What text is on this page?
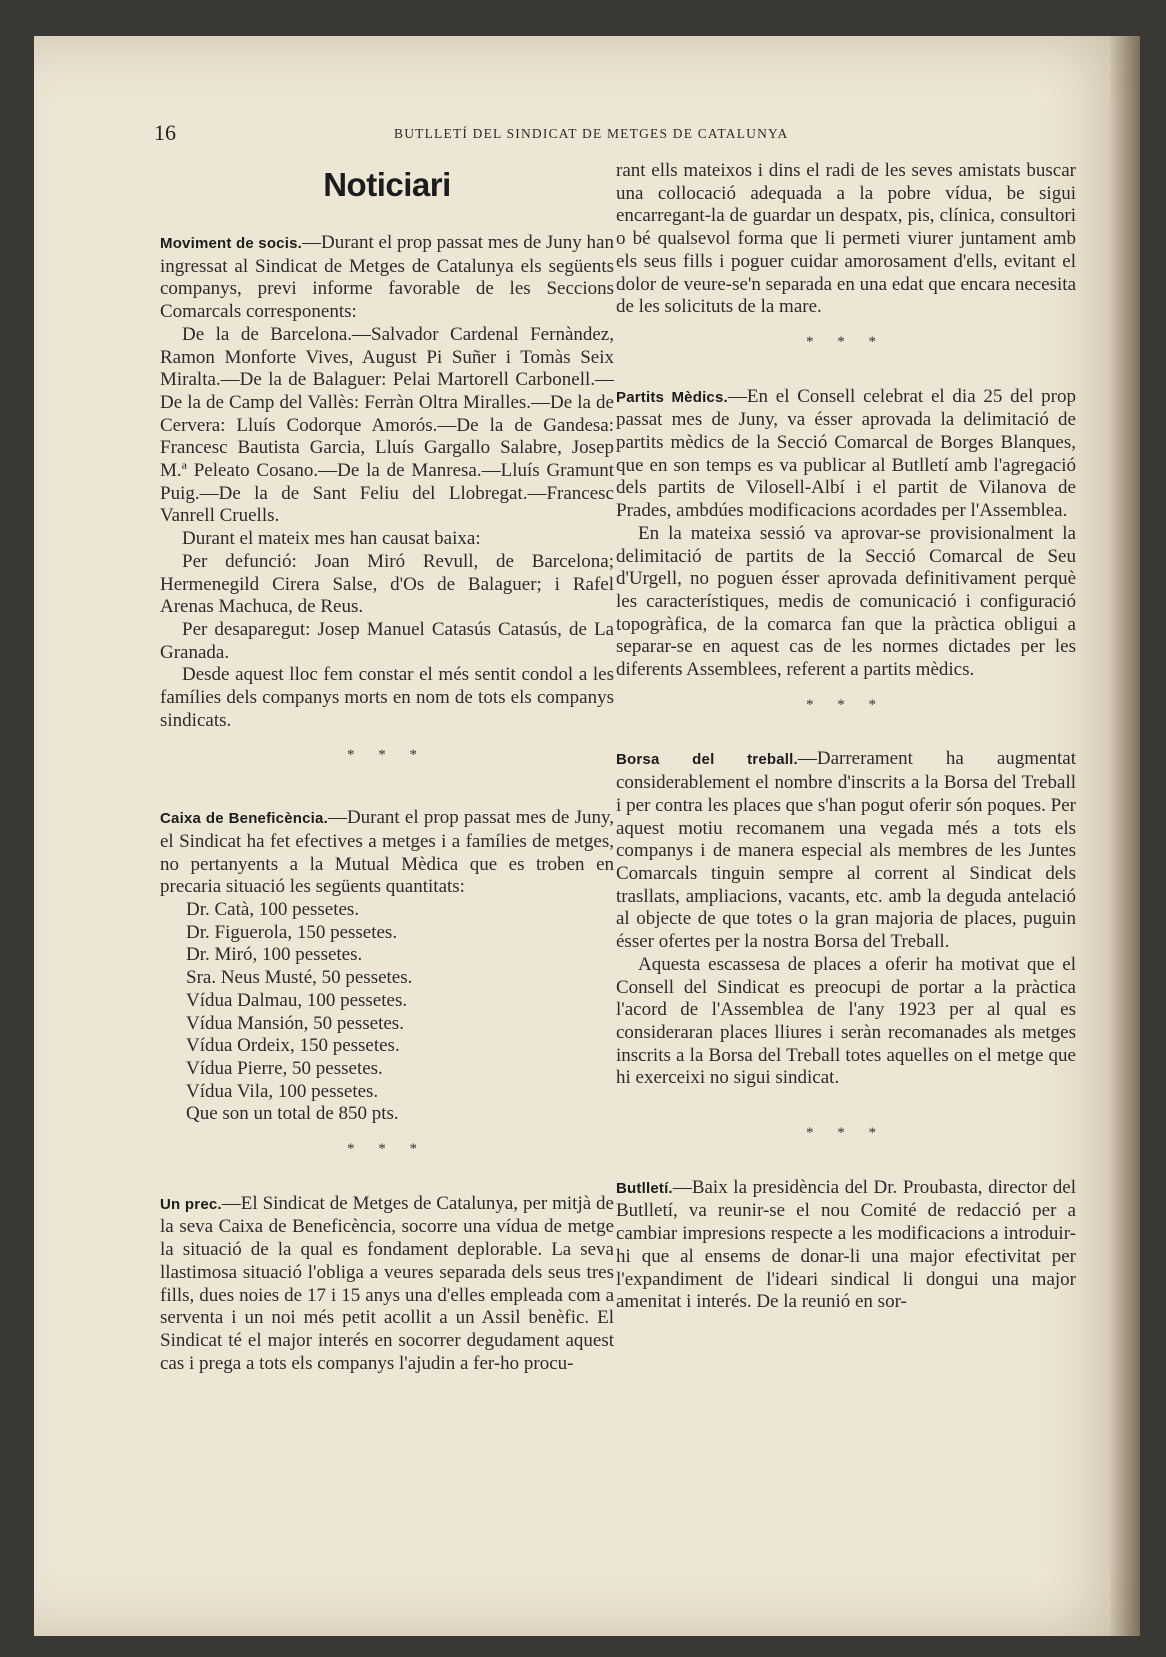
16	BUTLLETÍ DEL SINDICAT DE METGES DE CATALUNYA
Noticiari

Moviment de socis.—Durant el prop passat mes de Juny han ingressat al Sindicat de Metges de Catalunya els següents companys, previ informe favorable de les Seccions Comarcals corresponents:

De la de Barcelona.—Salvador Cardenal Fernàndez, Ramon Monforte Vives, August Pi Suñer i Tomàs Seix Miralta.—De la de Balaguer: Pelai Martorell Carbonell.—De la de Camp del Vallès: Ferràn Oltra Miralles.—De la de Cervera: Lluís Codorque Amorós.—De la de Gandesa: Francesc Bautista Garcia, Lluís Gargallo Salabre, Josep M.ª Peleato Cosano.—De la de Manresa.—Lluís Gramunt Puig.—De la de Sant Feliu del Llobregat.—Francesc Vanrell Cruells.

Durant el mateix mes han causat baixa:

Per defunció: Joan Miró Revull, de Barcelona; Hermenegild Cirera Salse, d'Os de Balaguer; i Rafel Arenas Machuca, de Reus.

Per desaparegut: Josep Manuel Catasús Catasús, de La Granada.

Desde aquest lloc fem constar el més sentit condol a les famílies dels companys morts en nom de tots els companys sindicats.

* * *

Caixa de Beneficència.—Durant el prop passat mes de Juny, el Sindicat ha fet efectives a metges i a famílies de metges, no pertanyents a la Mutual Mèdica que es troben en precaria situació les següents quantitats:

Dr. Catà, 100 pessetes.
Dr. Figuerola, 150 pessetes.
Dr. Miró, 100 pessetes.
Sra. Neus Musté, 50 pessetes.
Vídua Dalmau, 100 pessetes.
Vídua Mansión, 50 pessetes.
Vídua Ordeix, 150 pessetes.
Vídua Pierre, 50 pessetes.
Vídua Vila, 100 pessetes.
Que son un total de 850 pts.
* * *

Un prec.—El Sindicat de Metges de Catalunya, per mitjà de la seva Caixa de Beneficència, socorre una vídua de metge la situació de la qual es fondament deplorable. La seva llastimosa situació l'obliga a veures separada dels seus tres fills, dues noies de 17 i 15 anys una d'elles empleada com a serventa i un noi més petit acollit a un Assil benèfic. El Sindicat té el major interés en socorrer degudament aquest cas i prega a tots els companys l'ajudin a fer-ho procu-

rant ells mateixos i dins el radi de les seves amistats buscar una collocació adequada a la pobre vídua, be sigui encarregant-la de guardar un despatx, pis, clínica, consultori o bé qualsevol forma que li permeti viurer juntament amb els seus fills i poguer cuidar amorosament d'ells, evitant el dolor de veure-se'n separada en una edat que encara necesita de les solicituts de la mare.

* * *

Partits Mèdics.—En el Consell celebrat el dia 25 del prop passat mes de Juny, va ésser aprovada la delimitació de partits mèdics de la Secció Comarcal de Borges Blanques, que en son temps es va publicar al Butlletí amb l'agregació dels partits de Vilosell-Albí i el partit de Vilanova de Prades, ambdúes modificacions acordades per l'Assemblea.

En la mateixa sessió va aprovar-se provisionalment la delimitació de partits de la Secció Comarcal de Seu d'Urgell, no poguen ésser aprovada definitivament perquè les característiques, medis de comunicació i configuració topogràfica, de la comarca fan que la pràctica obligui a separar-se en aquest cas de les normes dictades per les diferents Assemblees, referent a partits mèdics.

* * *

Borsa del treball.—Darrerament ha augmentat considerablement el nombre d'inscrits a la Borsa del Treball i per contra les places que s'han pogut oferir són poques. Per aquest motiu recomanem una vegada més a tots els companys i de manera especial als membres de les Juntes Comarcals tinguin sempre al corrent al Sindicat dels trasllats, ampliacions, vacants, etc. amb la deguda antelació al objecte de que totes o la gran majoria de places, puguin ésser ofertes per la nostra Borsa del Treball.

Aquesta escassesa de places a oferir ha motivat que el Consell del Sindicat es preocupi de portar a la pràctica l'acord de l'Assemblea de l'any 1923 per al qual es consideraran places lliures i seràn recomanades als metges inscrits a la Borsa del Treball totes aquelles on el metge que hi exerceixi no sigui sindicat.

* * *

Butlletí.—Baix la presidència del Dr. Proubasta, director del Butlletí, va reunir-se el nou Comité de redacció per a cambiar impresions respecte a les modificacions a introduir-hi que al ensems de donar-li una major efectivitat per l'expandiment de l'ideari sindical li dongui una major amenitat i interés. De la reunió en sor-
